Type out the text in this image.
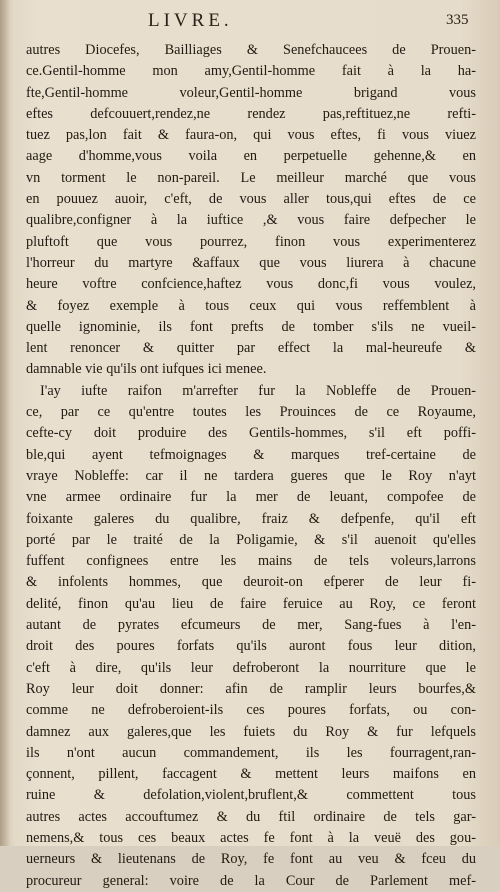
LIVRE.	335
autres Diocefes, Bailliages & Senefchaucees de Prouen-
ce.Gentil-homme mon amy,Gentil-homme fait à la ha-
fte,Gentil-homme voleur,Gentil-homme brigand vous
eftes defcouuert,rendez,ne rendez pas,reftituez,ne refti-
tuez pas,lon fait & faura-on, qui vous eftes, fi vous viuez
aage d'homme,vous voila en perpetuelle gehenne,& en
vn torment le non-pareil. Le meilleur marché que vous
en pouuez auoir, c'eft, de vous aller tous,qui eftes de ce
qualibre,configner à la iuftice ,& vous faire defpecher le
pluftoft que vous pourrez, finon vous experimenterez
l'horreur du martyre &affaux que vous liurera à chacune
heure voftre confcience,haftez vous donc,fi vous voulez,
& foyez exemple à tous ceux qui vous reffemblent à
quelle ignominie, ils font prefts de tomber s'ils ne vueil-
lent renoncer & quitter par effect la mal-heureufe &
damnable vie qu'ils ont iufques ici menee.
I'ay iufte raifon m'arrefter fur la Nobleffe de Prouen-
ce, par ce qu'entre toutes les Prouinces de ce Royaume,
cefte-cy doit produire des Gentils-hommes, s'il eft poffi-
ble,qui ayent tefmoignages & marques tref-certaine de
vraye Nobleffe: car il ne tardera gueres que le Roy n'ayt
vne armee ordinaire fur la mer de leuant, compofee de
foixante galeres du qualibre, fraiz & defpenfe, qu'il eft
porté par le traité de la Poligamie, & s'il auenoit qu'elles
fuffent confignees entre les mains de tels voleurs,larrons
& infolents hommes, que deuroit-on efperer de leur fi-
delité, finon qu'au lieu de faire feruice au Roy, ce feront
autant de pyrates efcumeurs de mer, Sang-fues à l'en-
droit des poures forfats qu'ils auront fous leur dition,
c'eft à dire, qu'ils leur defroberont la nourriture que le
Roy leur doit donner: afin de ramplir leurs bourfes,&
comme ne defroberoient-ils ces poures forfats, ou con-
damnez aux galeres,que les fuiets du Roy & fur lefquels
ils n'ont aucun commandement, ils les fourragent,ran-
çonnent, pillent, faccagent & mettent leurs maifons en
ruine & defolation,violent,bruflent,& commettent tous
autres actes accouftumez & du ftil ordinaire de tels gar-
nemens,& tous ces beaux actes fe font à la veuë des gou-
uerneurs & lieutenans de Roy, fe font au veu & fceu du
procureur general: voire de la Cour de Parlement mef-
